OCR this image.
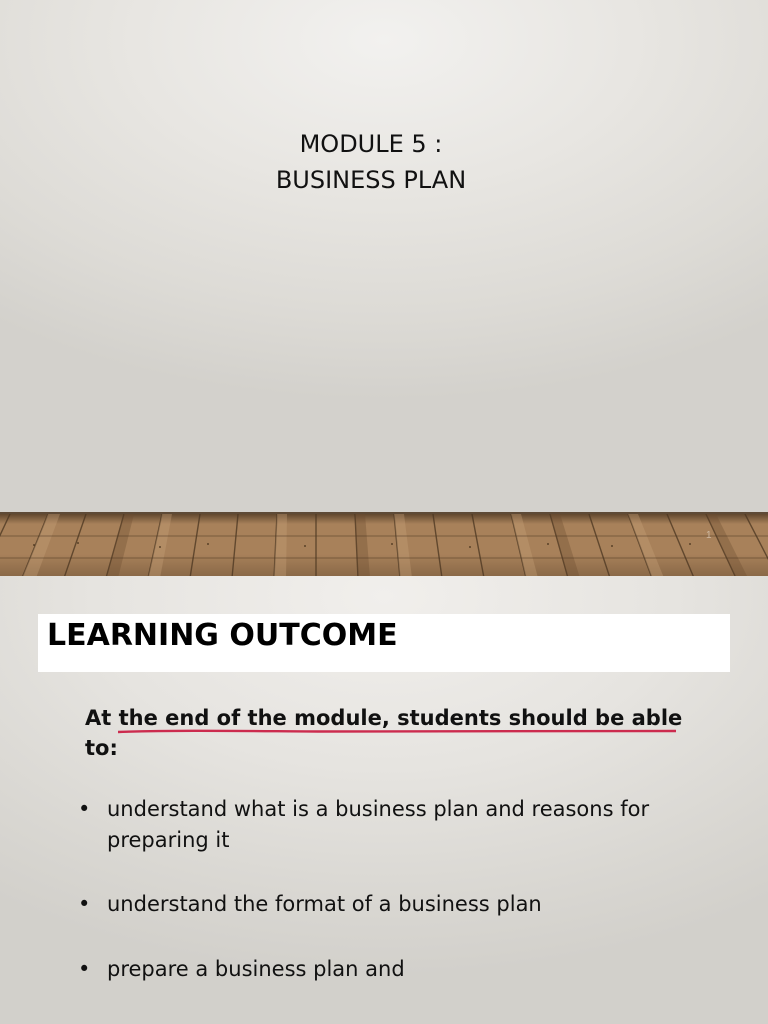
MODULE 5 :
BUSINESS PLAN
1
LEARNING OUTCOME
At the end of the module, students should be able to:
• understand what is a business plan and reasons for preparing it
• understand the format of a business plan
• prepare a business plan and
